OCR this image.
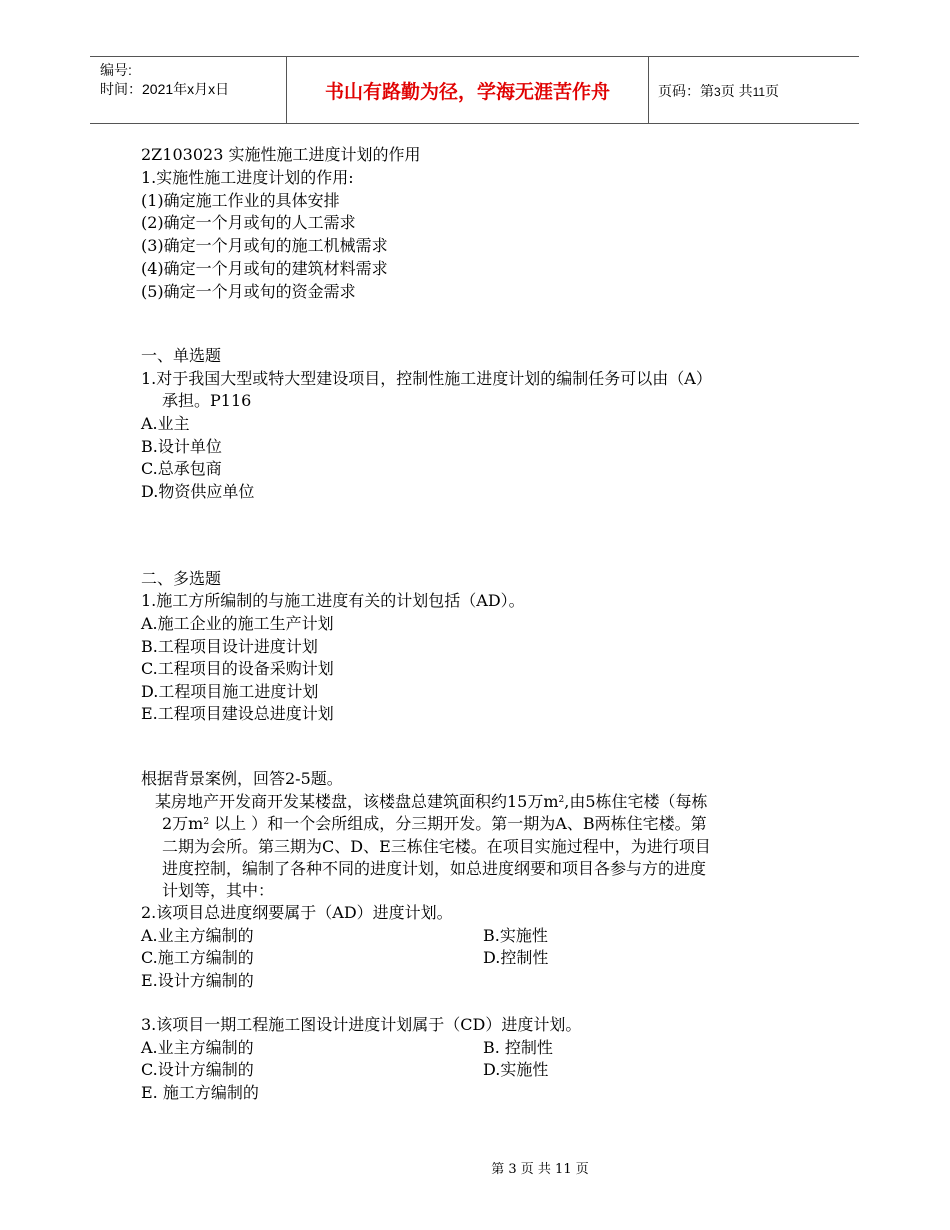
编号:
时间：2021年x月x日	书山有路勤为径，学海无涯苦作舟	页码：第3页 共11页
2Z103023 实施性施工进度计划的作用
1.实施性施工进度计划的作用:
(1)确定施工作业的具体安排
(2)确定一个月或旬的人工需求
(3)确定一个月或旬的施工机械需求
(4)确定一个月或旬的建筑材料需求
(5)确定一个月或旬的资金需求
一、单选题
1.对于我国大型或特大型建设项目，控制性施工进度计划的编制任务可以由（A）
承担。P116
A.业主
B.设计单位
C.总承包商
D.物资供应单位
二、多选题
1.施工方所编制的与施工进度有关的计划包括（AD）。
A.施工企业的施工生产计划
B.工程项目设计进度计划
C.工程项目的设备采购计划
D.工程项目施工进度计划
E.工程项目建设总进度计划
根据背景案例，回答2-5题。
某房地产开发商开发某楼盘，该楼盘总建筑面积约15万$m^2$,由5栋住宅楼（每栋
2万$m^2$ 以上 ）和一个会所组成，分三期开发。第一期为A、B两栋住宅楼。第
二期为会所。第三期为C、D、E三栋住宅楼。在项目实施过程中，为进行项目
进度控制，编制了各种不同的进度计划，如总进度纲要和项目各参与方的进度
计划等，其中：
2.该项目总进度纲要属于（AD）进度计划。
A.业主方编制的	B.实施性
C.施工方编制的	D.控制性
E.设计方编制的
3.该项目一期工程施工图设计进度计划属于（CD）进度计划。
A.业主方编制的	B. 控制性
C.设计方编制的	D.实施性
E. 施工方编制的
第 3 页 共 11 页
